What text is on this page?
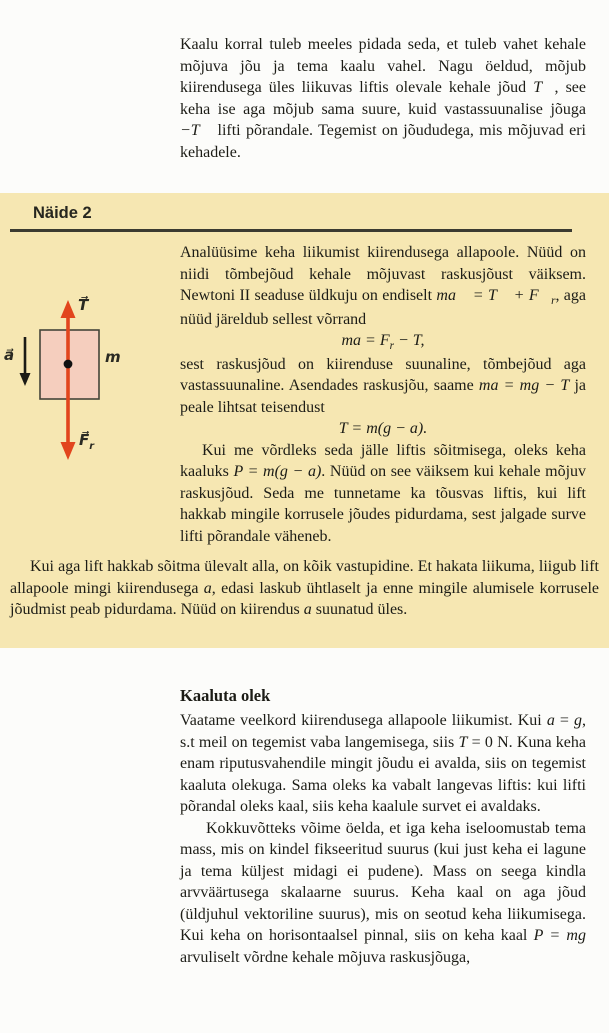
Kaalu korral tuleb meeles pidada seda, et tuleb vahet kehale mõjuva jõu ja tema kaalu vahel. Nagu öeldud, mõjub kiirendusega üles liikuvas liftis olevale kehale jõud T⃗, see keha ise aga mõjub sama suure, kuid vastassuunalise jõuga −T⃗ lifti põrandale. Tegemist on jõududega, mis mõjuvad eri kehadele.

Näide 2
T⃗
m
a⃗
$F⃗_r$

Analüüsime keha liikumist kiirendusega allapoole. Nüüd on niidi tõmbejõud kehale mõjuvast raskusjõust väiksem. Newtoni II seaduse üldkuju on endiselt ma⃗ = T⃗ + $F⃗_r$, aga nüüd järeldub sellest võrrand

ma = $F_r - T$,

sest raskusjõud on kiirenduse suunaline, tõmbejõud aga vastassuunaline. Asendades raskusjõu, saame ma = mg − T ja peale lihtsat teisendust

T = m(g − a).

Kui me võrdleks seda jälle liftis sõitmisega, oleks keha kaaluks P = m(g − a). Nüüd on see väiksem kui kehale mõjuv raskusjõud. Seda me tunnetame ka tõusvas liftis, kui lift hakkab mingile korrusele jõudes pidurdama, sest jalgade surve lifti põrandale väheneb.

Kui aga lift hakkab sõitma ülevalt alla, on kõik vastupidine. Et hakata liikuma, liigub lift allapoole mingi kiirendusega a, edasi laskub ühtlaselt ja enne mingile alumisele korrusele jõudmist peab pidurdama. Nüüd on kiirendus a suunatud üles.

Kaaluta olek

Vaatame veelkord kiirendusega allapoole liikumist. Kui a = g, s.t meil on tegemist vaba langemisega, siis T = 0 N. Kuna keha enam riputusvahendile mingit jõudu ei avalda, siis on tegemist kaaluta olekuga. Sama oleks ka vabalt langevas liftis: kui lifti põrandal oleks kaal, siis keha kaalule survet ei avaldaks.

Kokkuvõtteks võime öelda, et iga keha iseloomustab tema mass, mis on kindel fikseeritud suurus (kui just keha ei lagune ja tema küljest midagi ei pudene). Mass on seega kindla arvväärtusega skalaarne suurus. Keha kaal on aga jõud (üldjuhul vektoriline suurus), mis on seotud keha liikumisega. Kui keha on horisontaalsel pinnal, siis on keha kaal P = mg arvuliselt võrdne kehale mõjuva raskusjõuga,
